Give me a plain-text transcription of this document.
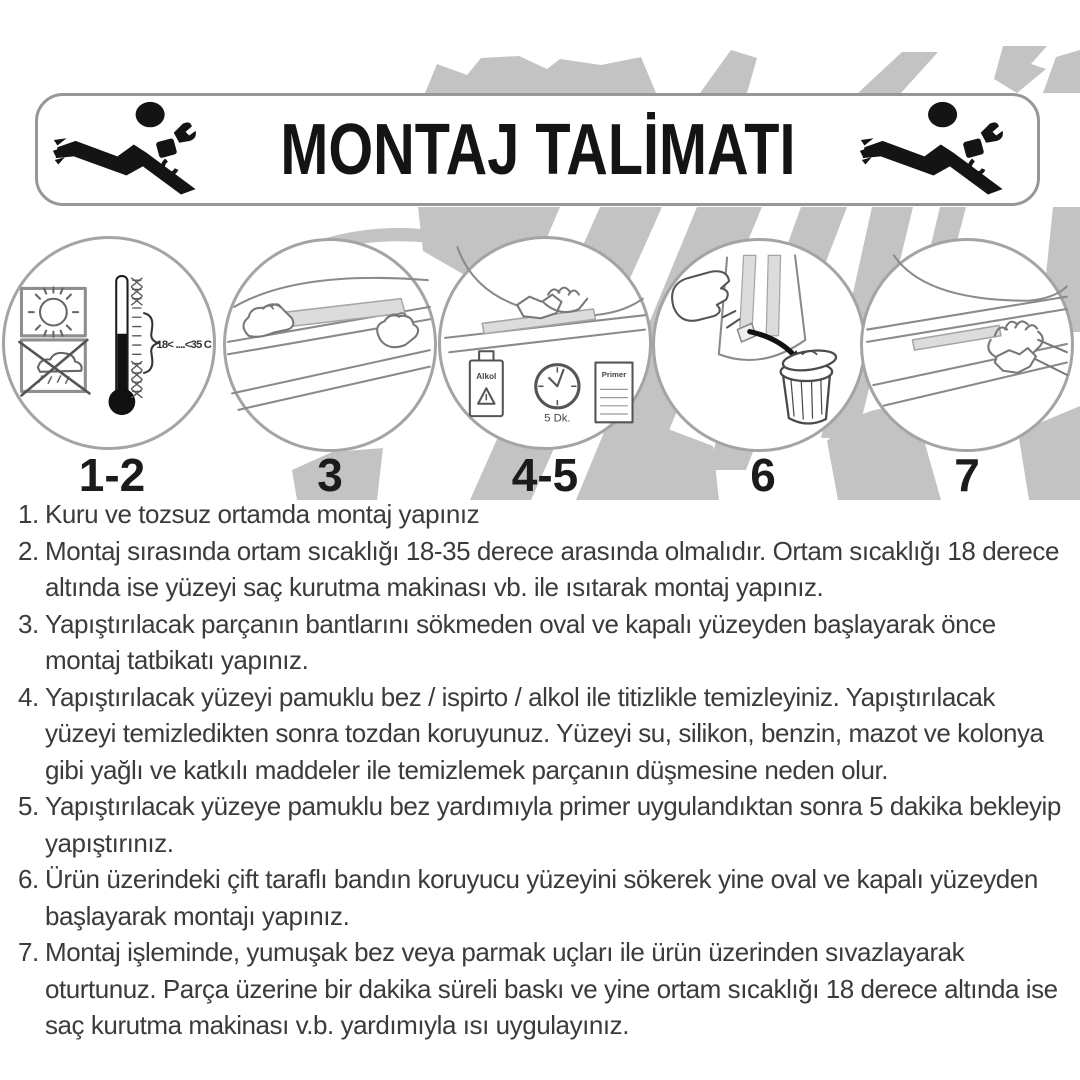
MONTAJ TALİMATI
18< ....<35 C
Alkol
5 Dk.
Primer
1-2	3	4-5	6	7
1. Kuru ve tozsuz ortamda montaj yapınız
2. Montaj sırasında ortam sıcaklığı 18-35 derece arasında olmalıdır. Ortam sıcaklığı 18 derece altında ise yüzeyi saç kurutma makinası vb. ile ısıtarak montaj yapınız.
3. Yapıştırılacak parçanın bantlarını sökmeden oval ve kapalı yüzeyden başlayarak önce montaj tatbikatı yapınız.
4. Yapıştırılacak yüzeyi pamuklu bez / ispirto / alkol ile titizlikle temizleyiniz. Yapıştırılacak yüzeyi temizledikten sonra tozdan koruyunuz. Yüzeyi su, silikon, benzin, mazot ve kolonya gibi yağlı ve katkılı maddeler ile temizlemek parçanın düşmesine neden olur.
5. Yapıştırılacak yüzeye pamuklu bez yardımıyla primer uygulandıktan sonra 5 dakika bekleyip yapıştırınız.
6. Ürün üzerindeki çift taraflı bandın koruyucu yüzeyini sökerek yine oval ve kapalı yüzeyden başlayarak montajı yapınız.
7. Montaj işleminde, yumuşak bez veya parmak uçları ile ürün üzerinden sıvazlayarak oturtunuz. Parça üzerine bir dakika süreli baskı ve yine ortam sıcaklığı 18 derece altında ise saç kurutma makinası v.b. yardımıyla ısı uygulayınız.
